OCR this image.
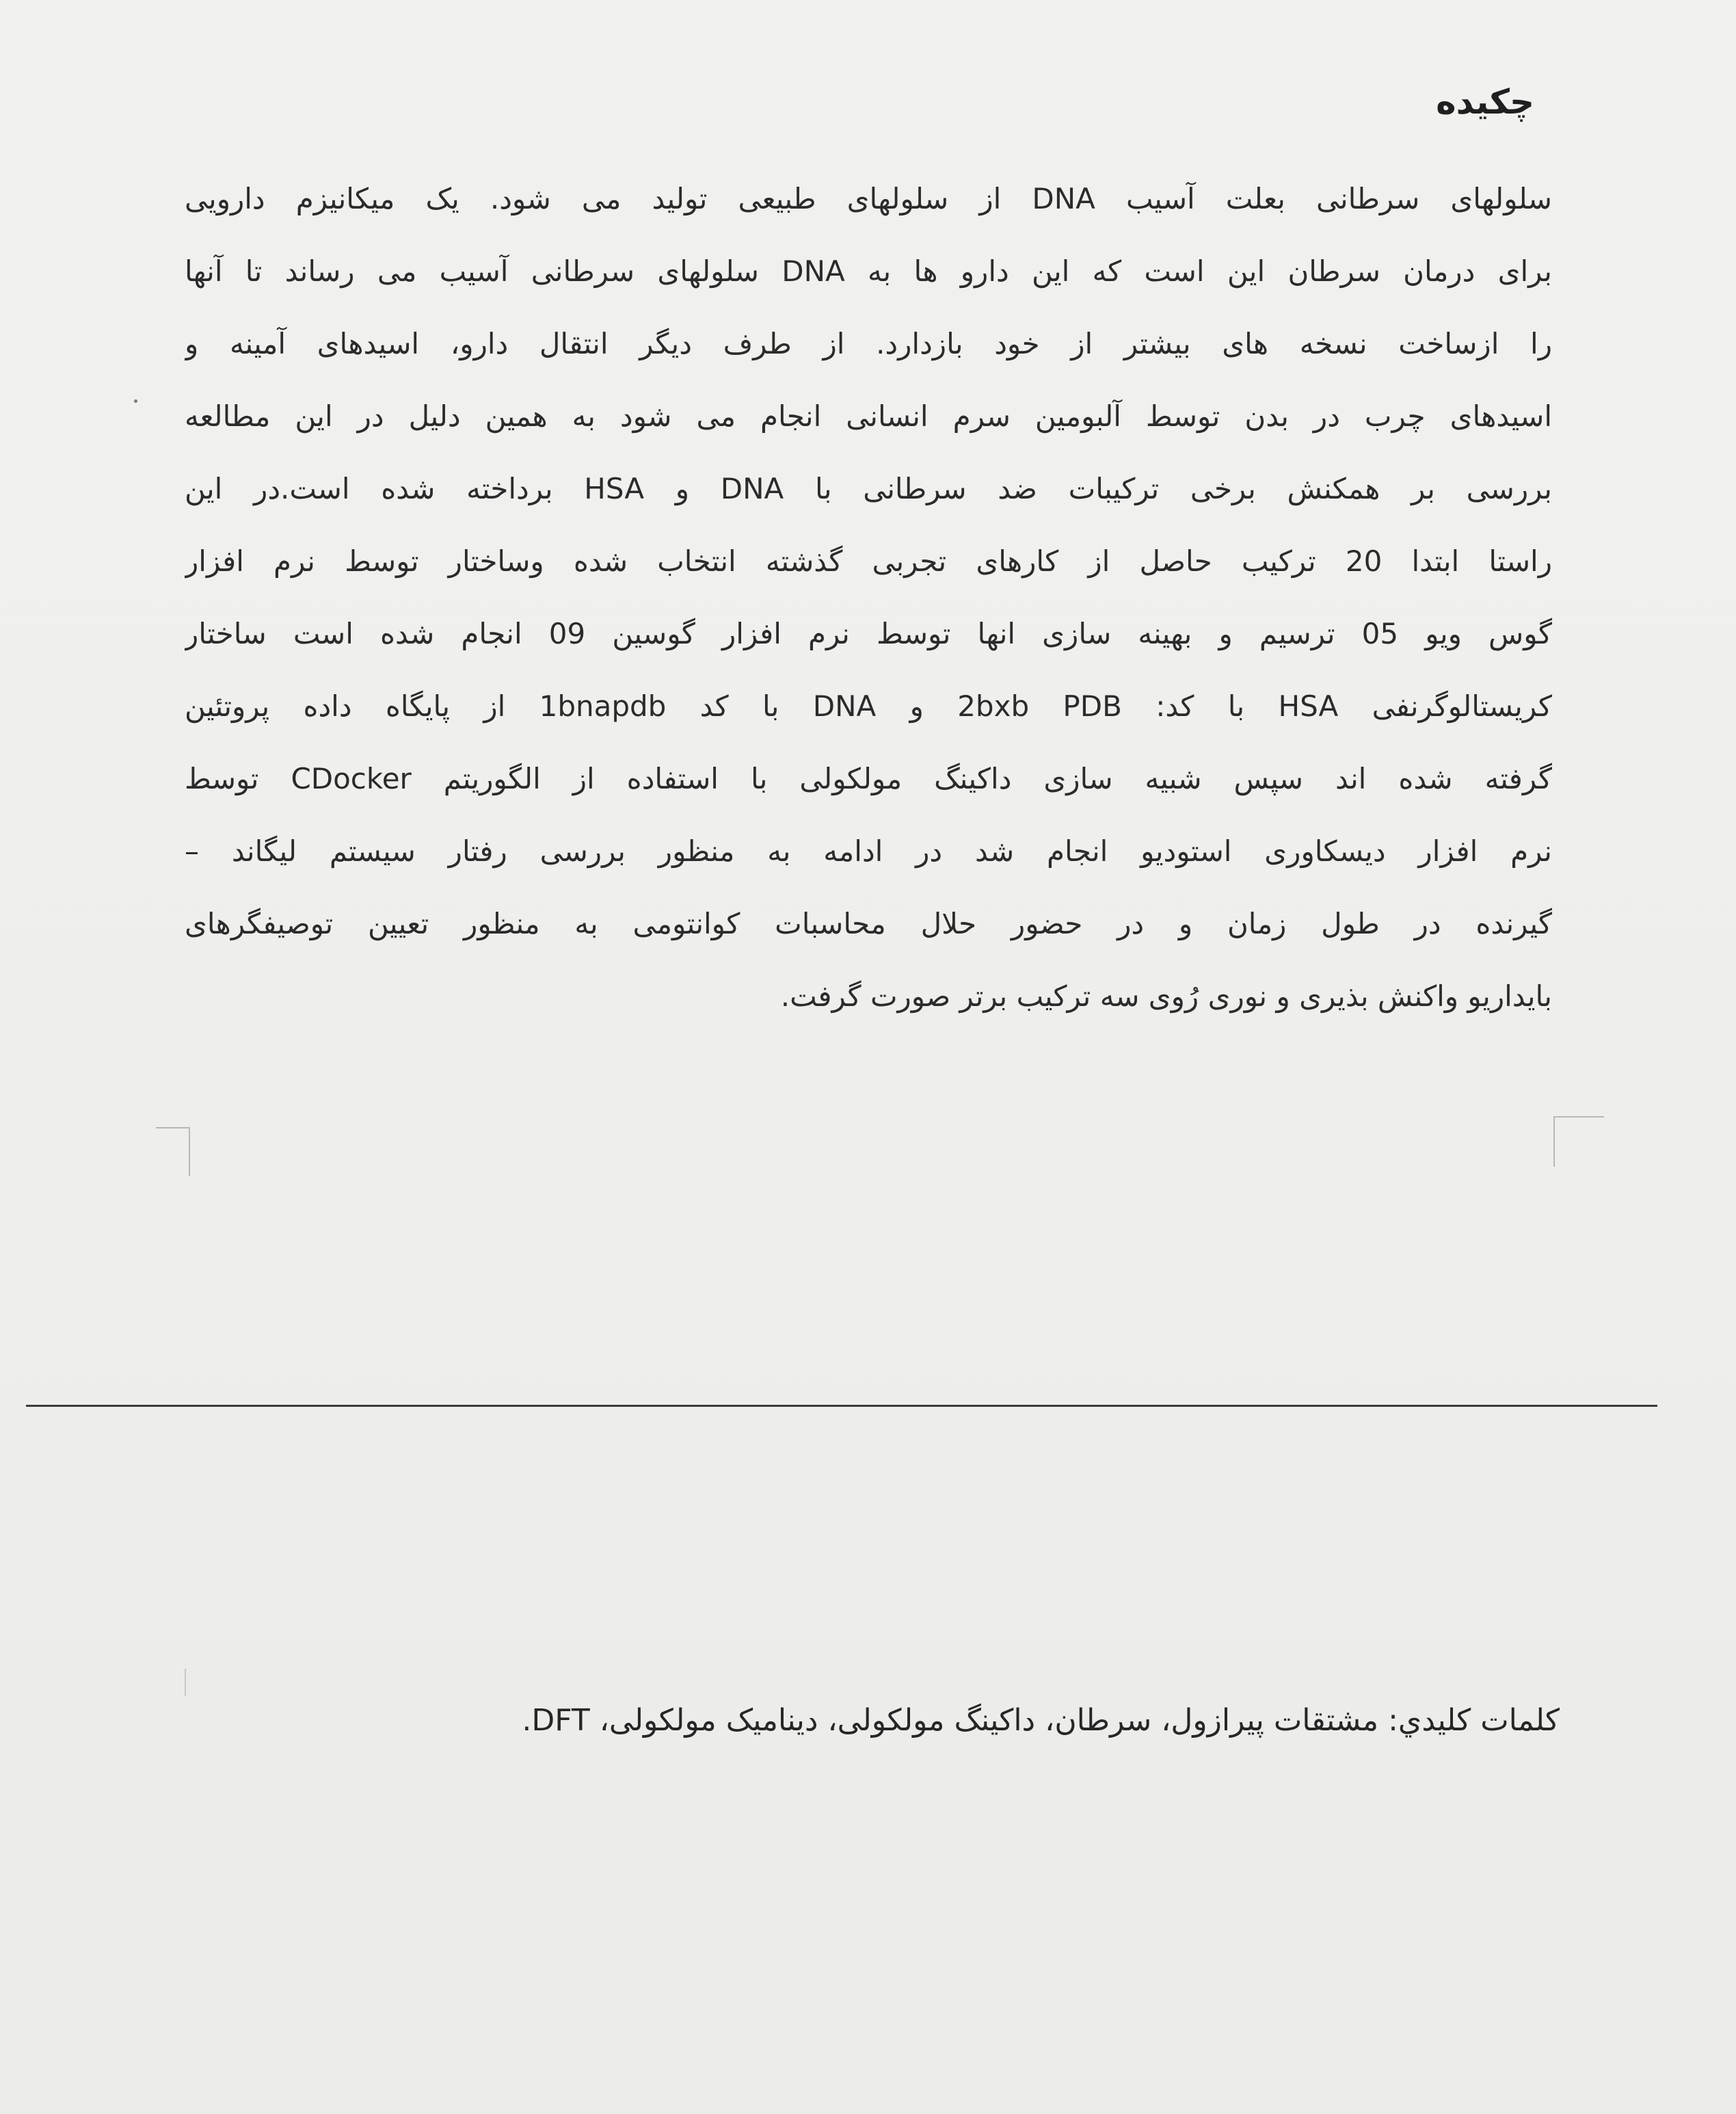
چکیده
سلولهای سرطانی بعلت آسیب DNA از سلولهای طبیعی تولید می شود. یک میکانیزم دارویی
برای درمان سرطان این است که این دارو ها به DNA سلولهای سرطانی آسیب می رساند تا آنها
را ازساخت نسخه های بیشتر از خود بازدارد. از طرف دیگر انتقال دارو، اسیدهای آمینه و
اسیدهای چرب در بدن توسط آلبومین سرم انسانی انجام می شود به همین دلیل در این مطالعه
بررسی بر همکنش برخی ترکیبات ضد سرطانی با DNA و HSA برداخته شده است.در این
راستا ابتدا 20 ترکیب حاصل از کارهای تجربی گذشته انتخاب شده وساختار توسط نرم افزار
گوس ویو 05 ترسیم و بهینه سازی انها توسط نرم افزار گوسین 09 انجام شده است ساختار
کریستالوگرنفی HSA با کد: 2bxb PDB و DNA با کد 1bnapdb از پایگاه داده پروتئین
گرفته شده اند سپس شبیه سازی داکینگ مولکولی با استفاده از الگوریتم CDocker توسط
نرم افزار دیسکاوری استودیو انجام شد در ادامه به منظور بررسی رفتار سیستم لیگاند –
گیرنده در طول زمان و در حضور حلال محاسبات کوانتومی به منظور تعیین توصیفگرهای
بایداریو واکنش بذیری و نوری رُوی سه ترکیب برتر صورت گرفت.
کلمات کلیدي: مشتقات پیرازول، سرطان، داکینگ مولکولی، دینامیک مولکولی، DFT.
